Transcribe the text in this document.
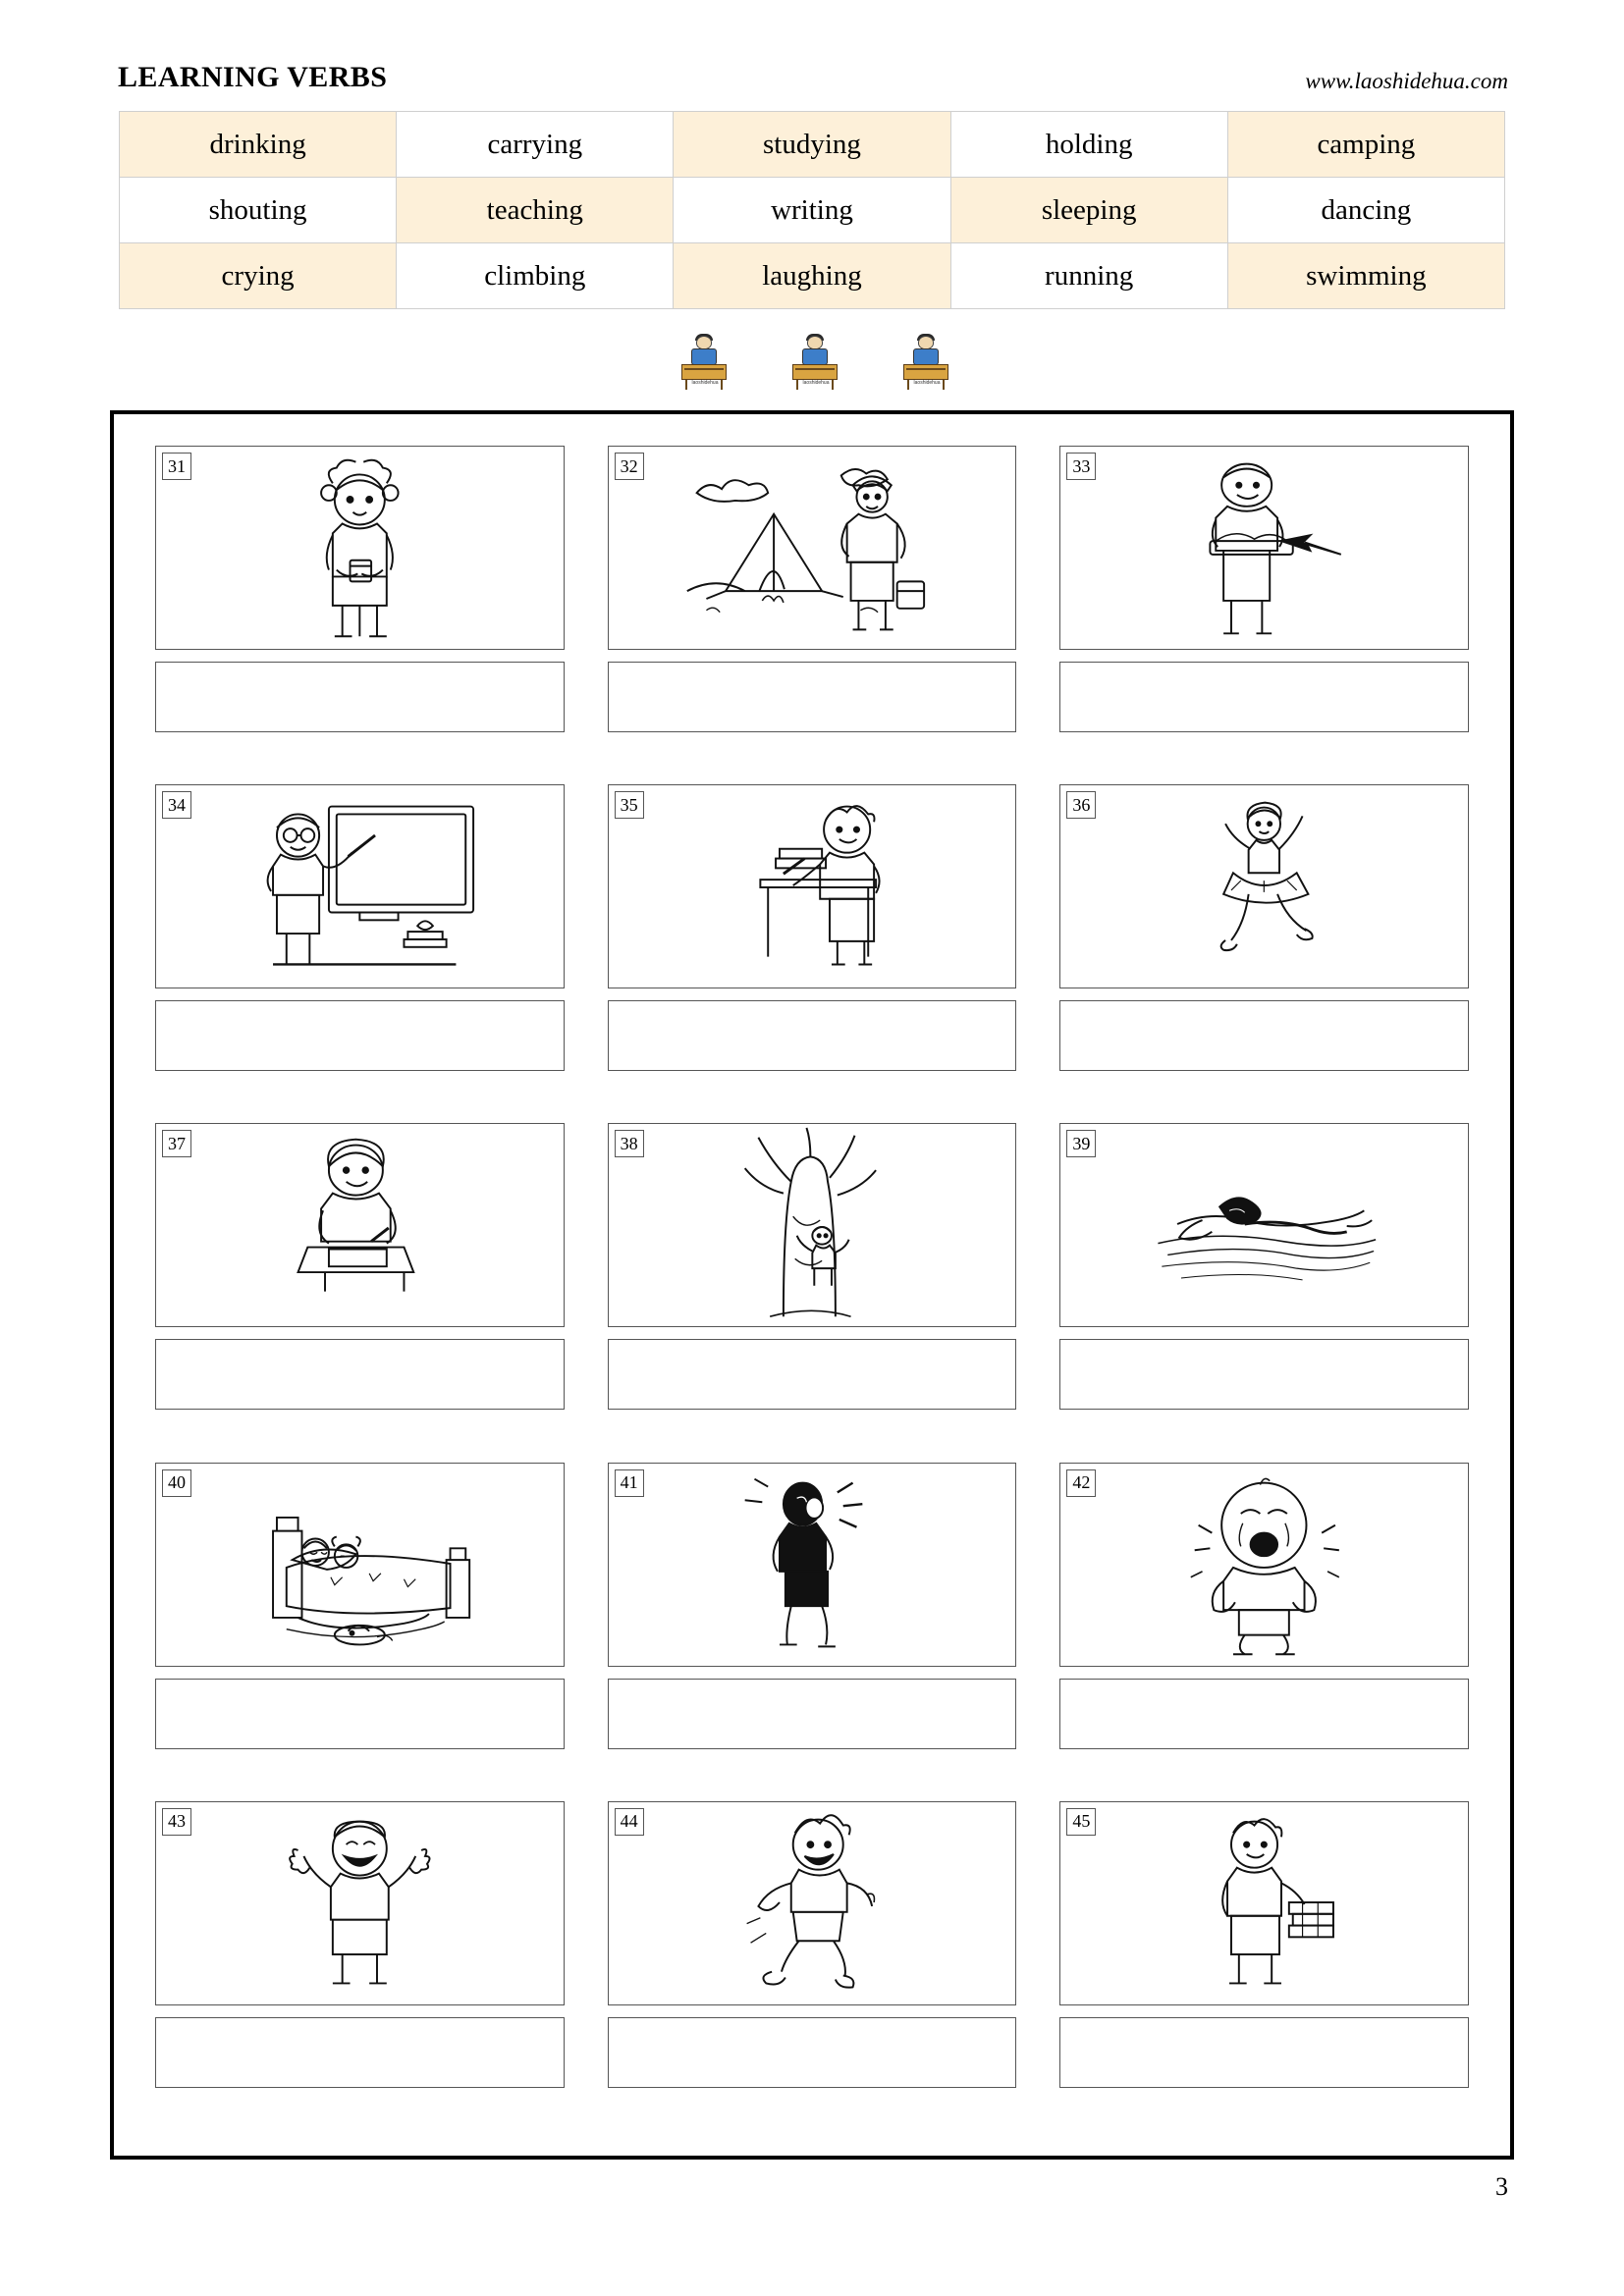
LEARNING VERBS	www.laoshidehua.com
drinking	carrying	studying	holding	camping
shouting	teaching	writing	sleeping	dancing
crying	climbing	laughing	running	swimming
laoshidehua	laoshidehua	laoshidehua
31	32	33
34	35	36
37	38	39
40	41	42
43	44	45
3
